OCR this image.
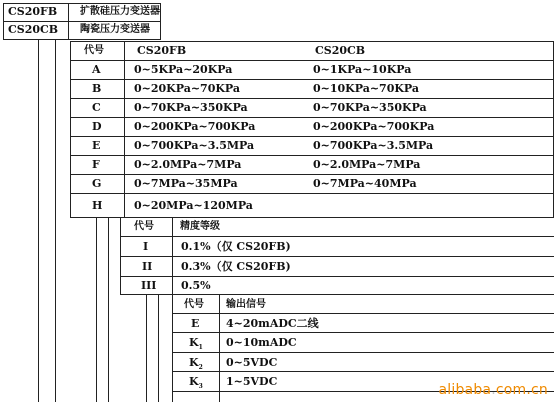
CS20FB 扩散硅压力变送器
CS20CB 陶瓷压力变送器
代号	CS20FB	CS20CB
A	0~5KPa~20KPa	0~1KPa~10KPa
B	0~20KPa~70KPa	0~10KPa~70KPa
C	0~70KPa~350KPa	0~70KPa~350KPa
D	0~200KPa~700KPa	0~200KPa~700KPa
E	0~700KPa~3.5MPa	0~700KPa~3.5MPa
F	0~2.0MPa~7MPa	0~2.0MPa~7MPa
G	0~7MPa~35MPa	0~7MPa~40MPa
H	0~20MPa~120MPa
代号	精度等级
I	0.1%（仅 CS20FB)
II	0.3%（仅 CS20FB)
III 0.5%
代号 输出信号
E 4~20mADC二线
$K_1$ 0~10mADC
$K_2$ 0~5VDC
$K_3$ 1~5VDC
alibaba.com.cn
